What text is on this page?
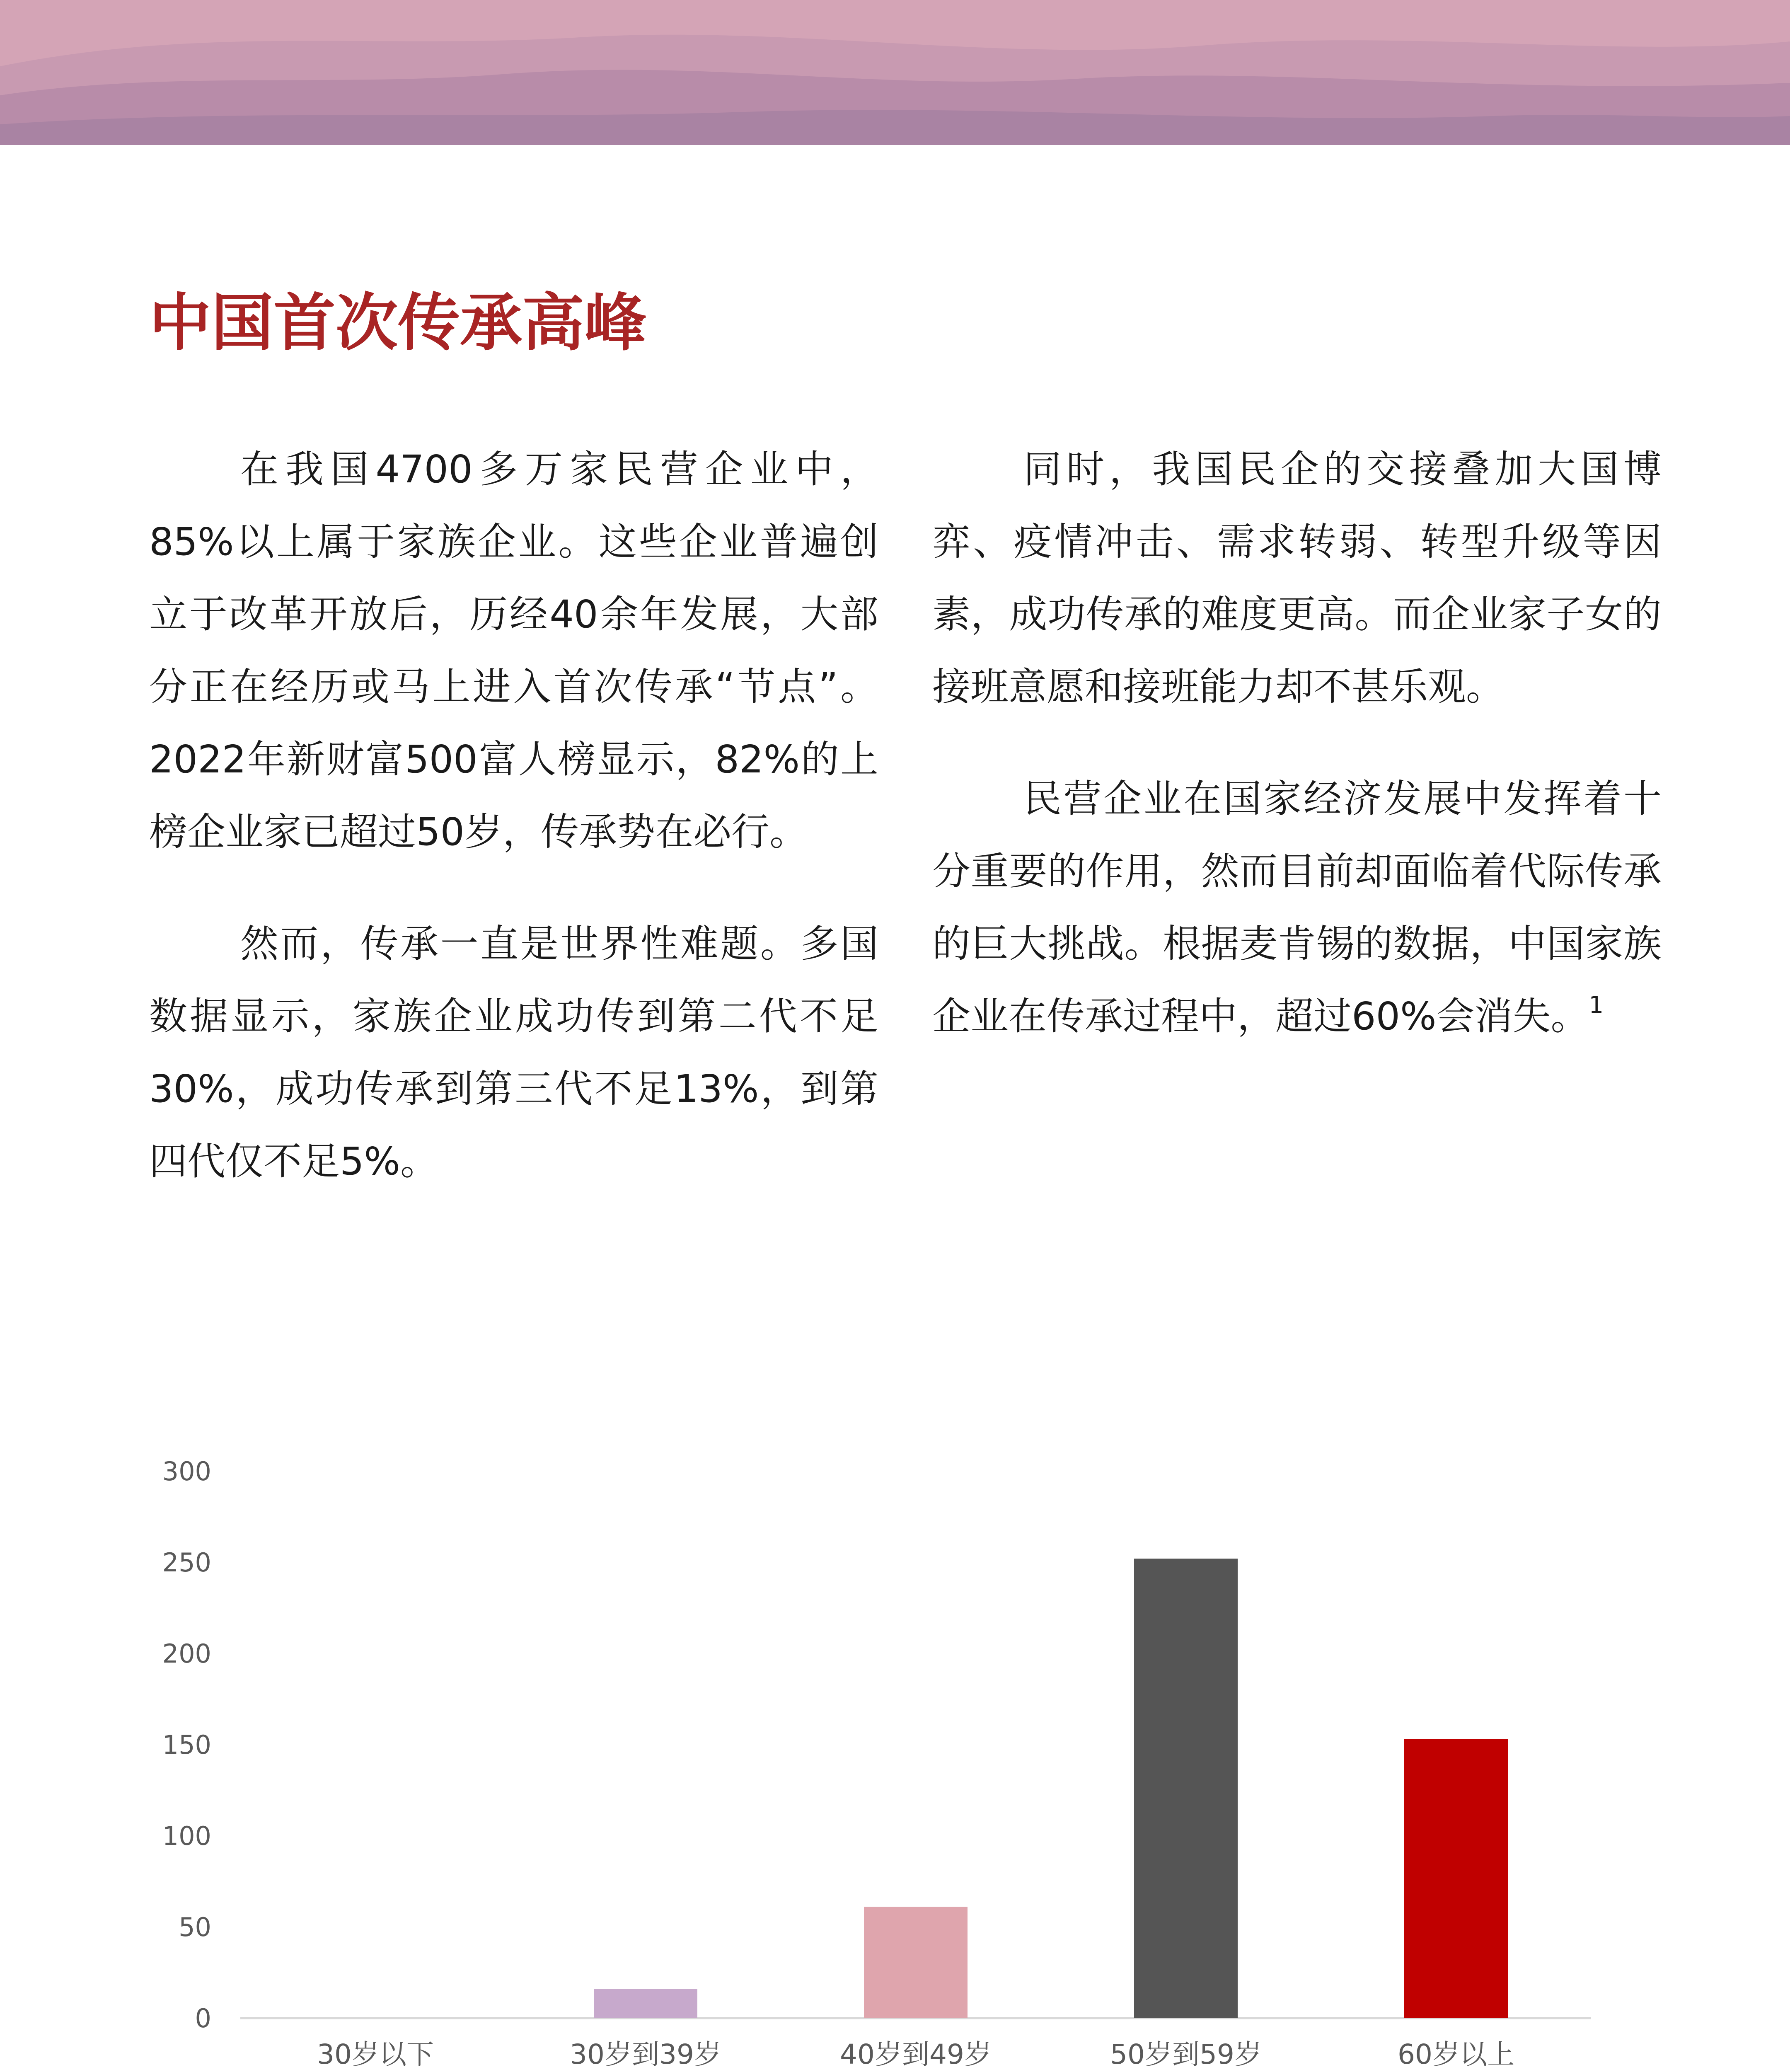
中国首次传承高峰

在我国4700多万家民营企业中，85%以上属于家族企业。这些企业普遍创立于改革开放后，历经40余年发展，大部分正在经历或马上进入首次传承“节点”。2022年新财富500富人榜显示，82%的上榜企业家已超过50岁，传承势在必行。

然而，传承一直是世界性难题。多国数据显示，家族企业成功传到第二代不足30%，成功传承到第三代不足13%，到第四代仅不足5%。

同时，我国民企的交接叠加大国博弈、疫情冲击、需求转弱、转型升级等因素，成功传承的难度更高。而企业家子女的接班意愿和接班能力却不甚乐观。

民营企业在国家经济发展中发挥着十分重要的作用，然而目前却面临着代际传承的巨大挑战。根据麦肯锡的数据，中国家族企业在传承过程中，超过60%会消失。$^1$

0
50
100
150
200
250
300
30岁以下	30岁到39岁	40岁到49岁	50岁到59岁	60岁以上
